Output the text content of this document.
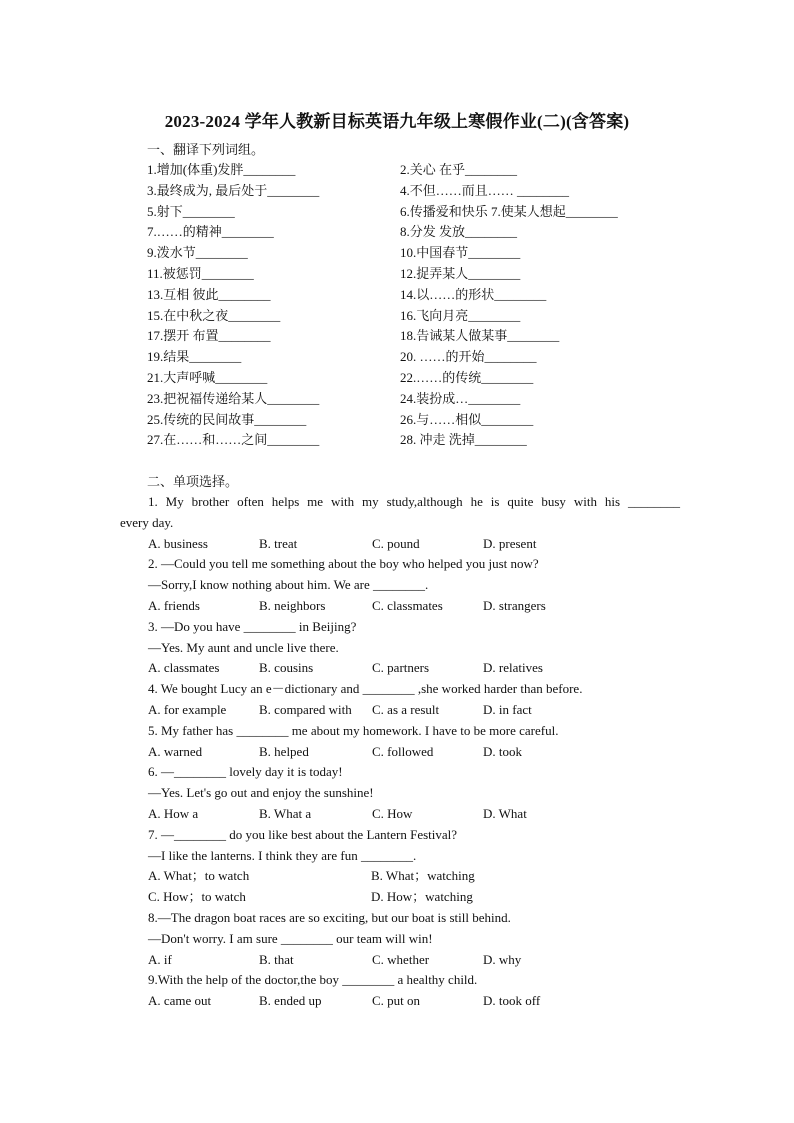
2023-2024 学年人教新目标英语九年级上寒假作业(二)(含答案)
一、翻译下列词组。
1.增加(体重)发胖________	2.关心 在乎________
3.最终成为, 最后处于________	4.不但……而且…… ________
5.射下________	6.传播爱和快乐 7.使某人想起________
7.……的精神________	8.分发 发放________
9.泼水节________	10.中国春节________
11.被惩罚________	12.捉弄某人________
13.互相 彼此________	14.以……的形状________
15.在中秋之夜________	16.飞向月亮________
17.摆开 布置________	18.告诫某人做某事________
19.结果________	20. ……的开始________
21.大声呼喊________	22.……的传统________
23.把祝福传递给某人________	24.装扮成…________
25.传统的民间故事________	26.与……相似________
27.在……和……之间________	28. 冲走 洗掉________
二、单项选择。
1. My brother often helps me with my study,although he is quite busy with his ________
every day.
A. business	B. treat	C. pound	D. present
2. —Could you tell me something about the boy who helped you just now?
—Sorry,I know nothing about him. We are ________.
A. friends	B. neighbors	C. classmates	D. strangers
3. —Do you have ________ in Beijing?
—Yes. My aunt and uncle live there.
A. classmates	B. cousins	C. partners	D. relatives
4. We bought Lucy an e－dictionary and ________ ,she worked harder than before.
A. for example	B. compared with C. as a result	D. in fact
5. My father has ________ me about my homework. I have to be more careful.
A. warned	B. helped	C. followed	D. took
6. —________ lovely day it is today!
—Yes. Let's go out and enjoy the sunshine!
A. How a	B. What a	C. How	D. What
7. —________ do you like best about the Lantern Festival?
—I like the lanterns. I think they are fun ________.
A. What；to watch	B. What；watching
C. How；to watch	D. How；watching
8.—The dragon boat races are so exciting, but our boat is still behind.
—Don't worry. I am sure ________ our team will win!
A. if	B. that	C. whether	D. why
9.With the help of the doctor,the boy ________ a healthy child.
A. came out	B. ended up	C. put on	D. took off
